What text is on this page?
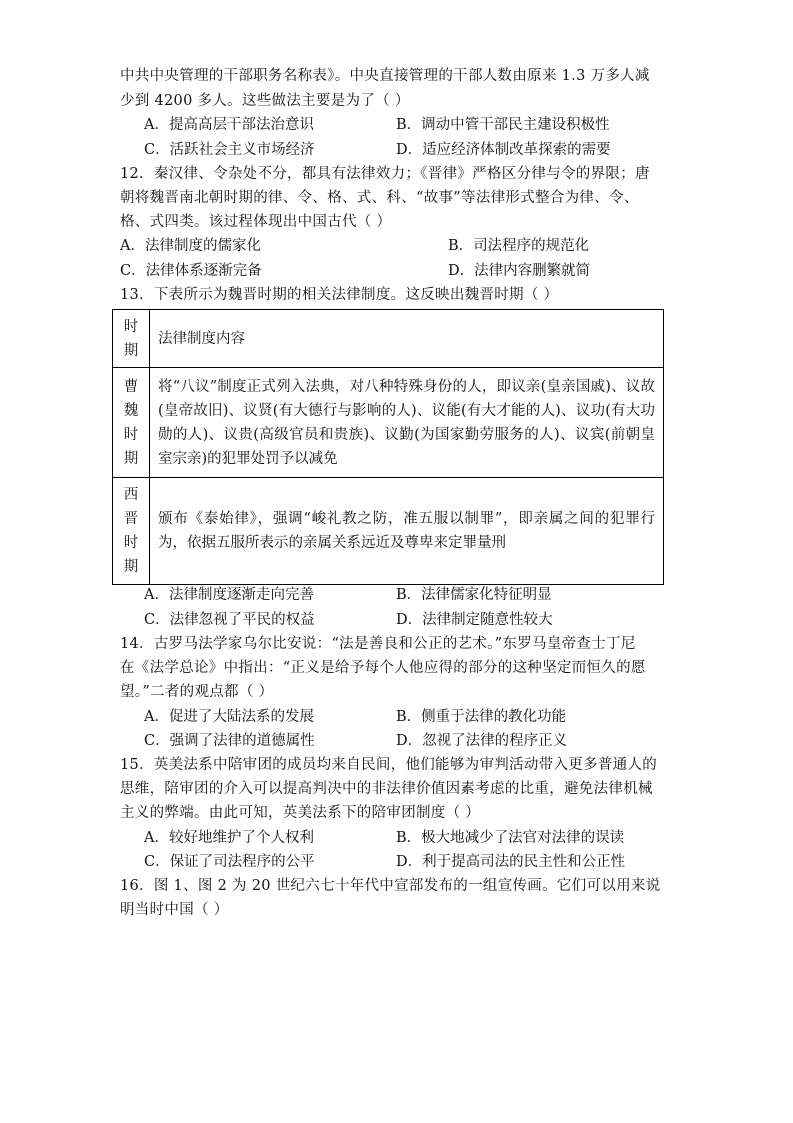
中共中央管理的干部职务名称表》。中央直接管理的干部人数由原来 1.3 万多人减
少到 4200 多人。这些做法主要是为了（ ）
A．提高高层干部法治意识	B．调动中管干部民主建设积极性
C．活跃社会主义市场经济	D．适应经济体制改革探索的需要
12．秦汉律、令杂处不分，都具有法律效力；《晋律》严格区分律与令的界限；唐
朝将魏晋南北朝时期的律、令、格、式、科、“故事”等法律形式整合为律、令、
格、式四类。该过程体现出中国古代（ ）
A．法律制度的儒家化	B．司法程序的规范化
C．法律体系逐渐完备	D．法律内容删繁就简
13．下表所示为魏晋时期的相关法律制度。这反映出魏晋时期（ ）
时期	法律制度内容

曹魏时期	将“八议”制度正式列入法典，对八种特殊身份的人，即议亲(皇亲国戚)、议故(皇帝故旧)、议贤(有大德行与影响的人)、议能(有大才能的人)、议功(有大功勋的人)、议贵(高级官员和贵族)、议勤(为国家勤劳服务的人)、议宾(前朝皇室宗亲)的犯罪处罚予以减免

西晋时期	颁布《泰始律》，强调“峻礼教之防，准五服以制罪”，即亲属之间的犯罪行为，依据五服所表示的亲属关系远近及尊卑来定罪量刑
A．法律制度逐渐走向完善	B．法律儒家化特征明显
C．法律忽视了平民的权益	D．法律制定随意性较大
14．古罗马法学家乌尔比安说：“法是善良和公正的艺术。”东罗马皇帝查士丁尼
在《法学总论》中指出：“正义是给予每个人他应得的部分的这种坚定而恒久的愿
望。”二者的观点都（ ）
A．促进了大陆法系的发展	B．侧重于法律的教化功能
C．强调了法律的道德属性	D．忽视了法律的程序正义
15．英美法系中陪审团的成员均来自民间，他们能够为审判活动带入更多普通人的
思维，陪审团的介入可以提高判决中的非法律价值因素考虑的比重，避免法律机械
主义的弊端。由此可知，英美法系下的陪审团制度（ ）
A．较好地维护了个人权利	B．极大地减少了法官对法律的误读
C．保证了司法程序的公平	D．利于提高司法的民主性和公正性
16．图 1、图 2 为 20 世纪六七十年代中宣部发布的一组宣传画。它们可以用来说
明当时中国（ ）
